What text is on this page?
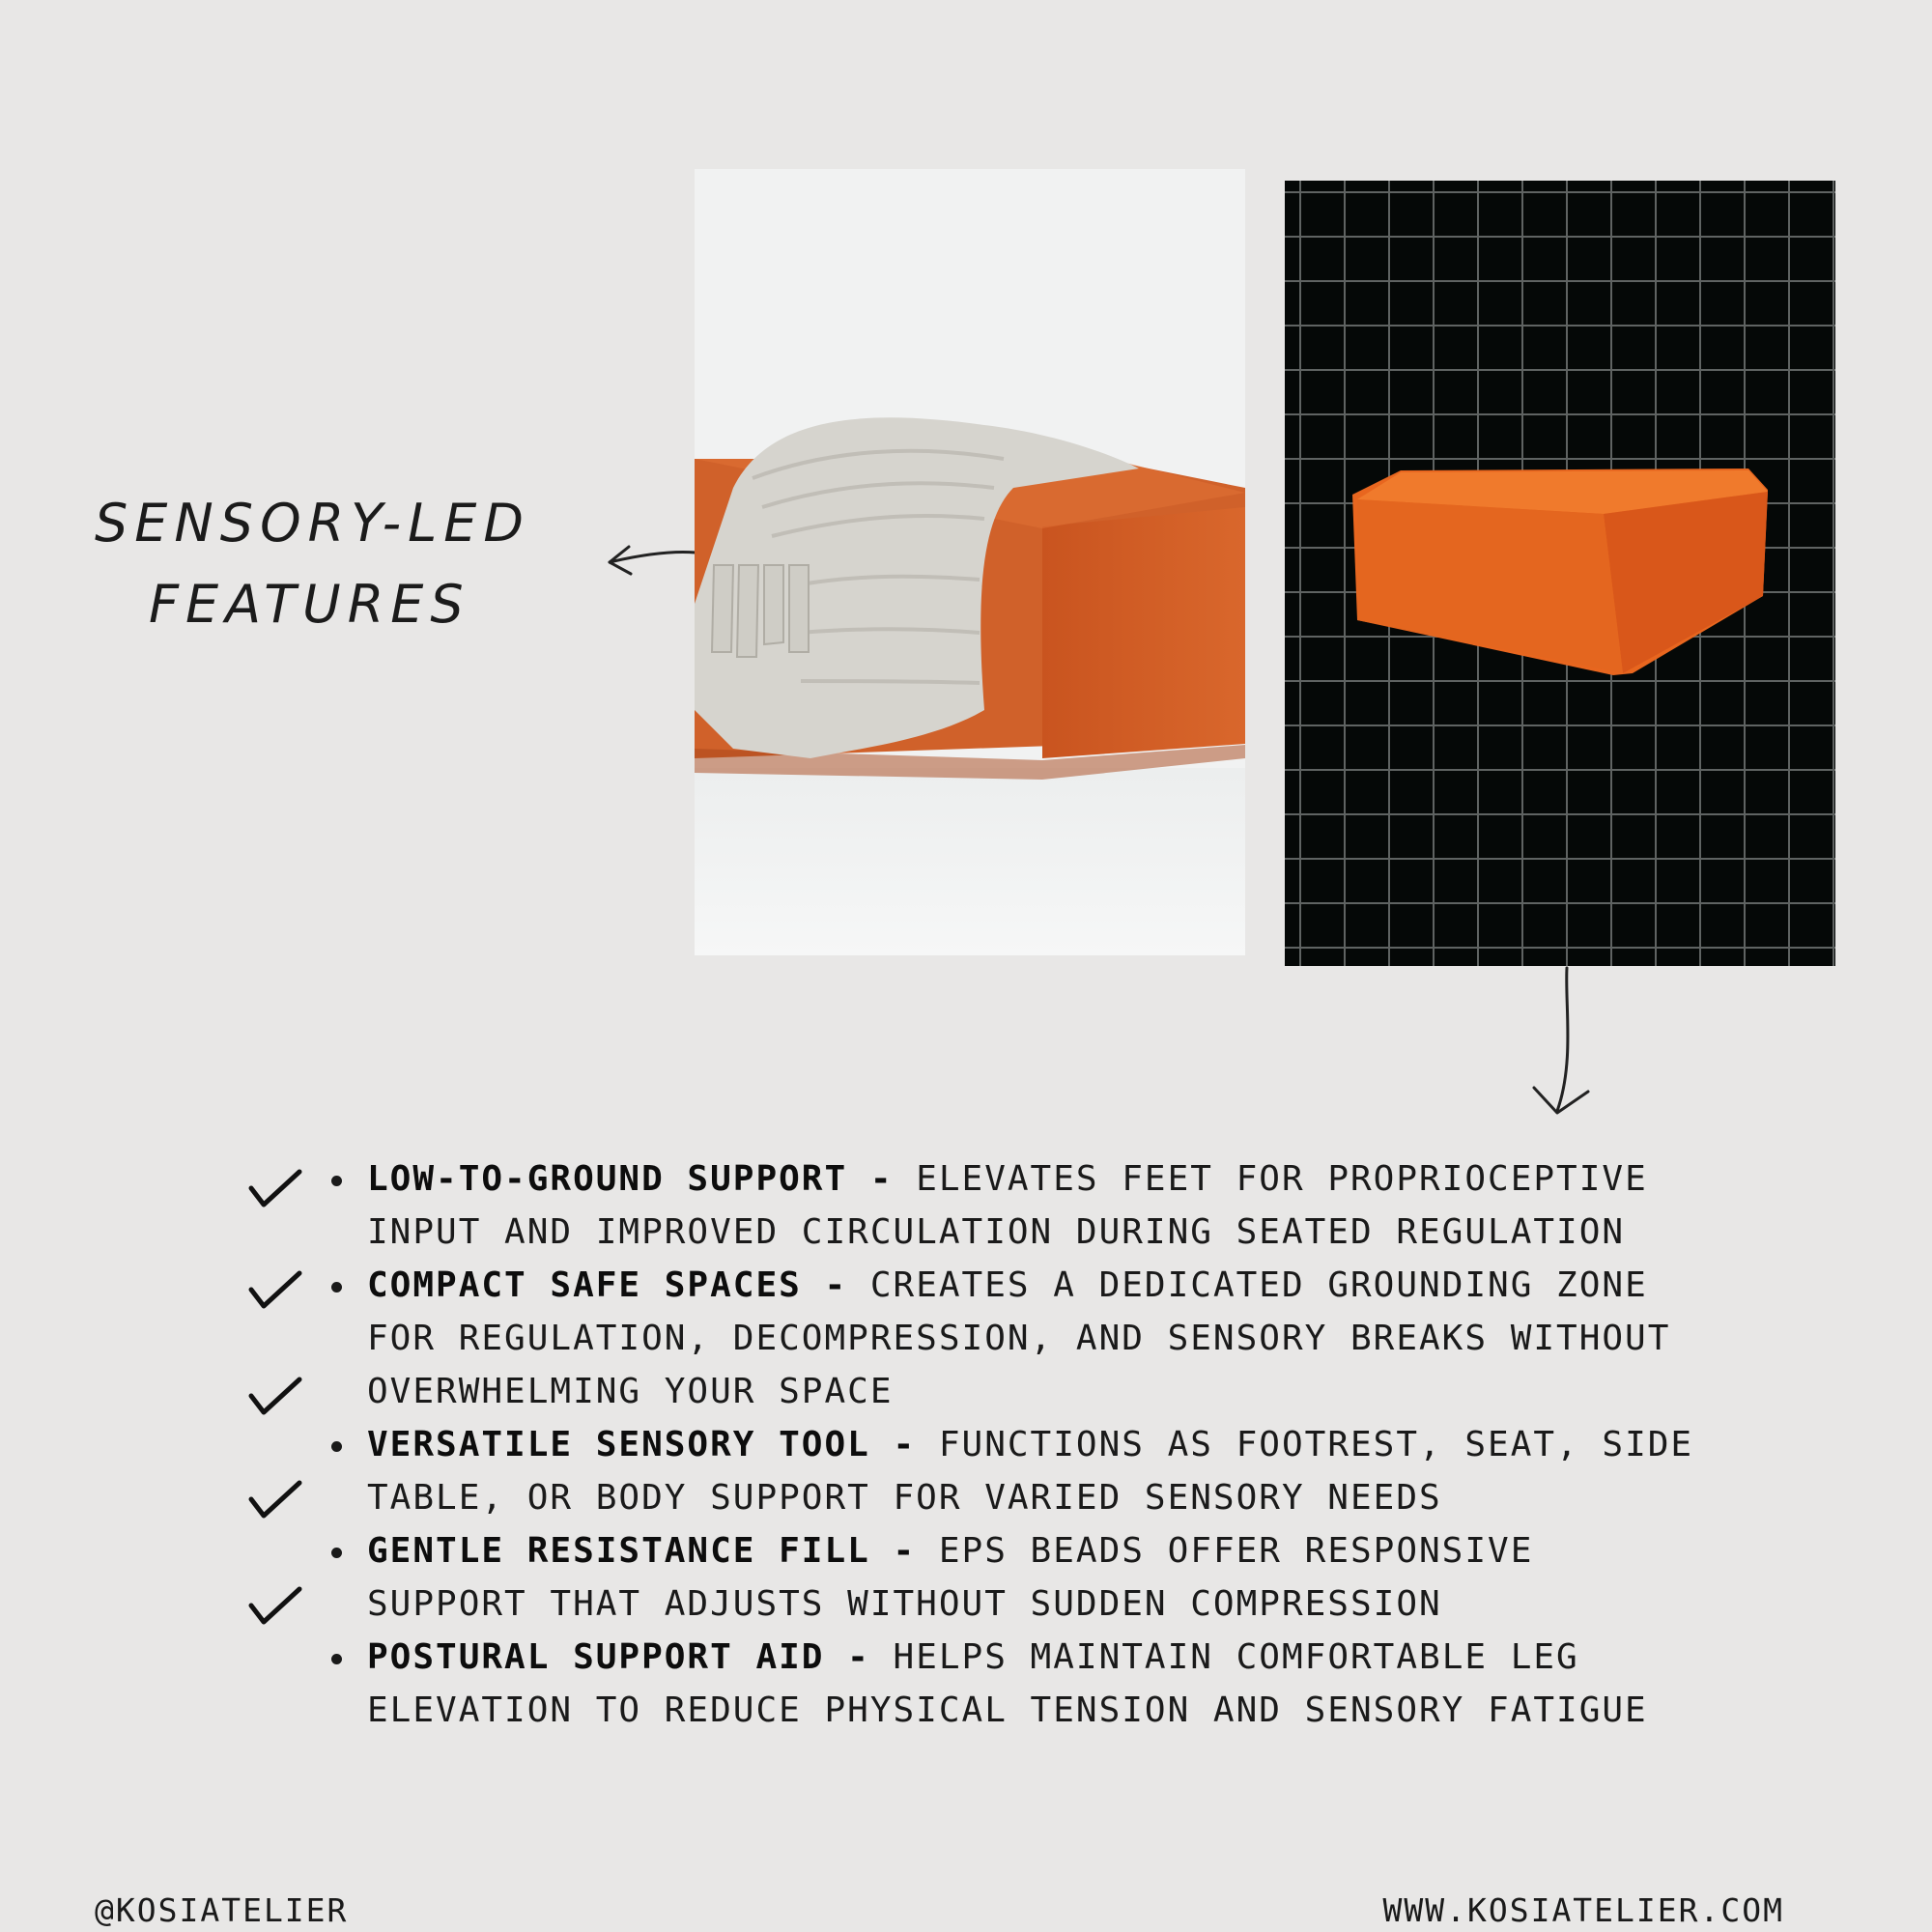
SENSORY-LED
FEATURES
LOW-TO-GROUND SUPPORT - ELEVATES FEET FOR PROPRIOCEPTIVE INPUT AND IMPROVED CIRCULATION DURING SEATED REGULATION
COMPACT SAFE SPACES - CREATES A DEDICATED GROUNDING ZONE FOR REGULATION, DECOMPRESSION, AND SENSORY BREAKS WITHOUT OVERWHELMING YOUR SPACE
VERSATILE SENSORY TOOL - FUNCTIONS AS FOOTREST, SEAT, SIDE TABLE, OR BODY SUPPORT FOR VARIED SENSORY NEEDS
GENTLE RESISTANCE FILL - EPS BEADS OFFER RESPONSIVE SUPPORT THAT ADJUSTS WITHOUT SUDDEN COMPRESSION
POSTURAL SUPPORT AID - HELPS MAINTAIN COMFORTABLE LEG ELEVATION TO REDUCE PHYSICAL TENSION AND SENSORY FATIGUE
@KOSIATELIER	WWW.KOSIATELIER.COM
